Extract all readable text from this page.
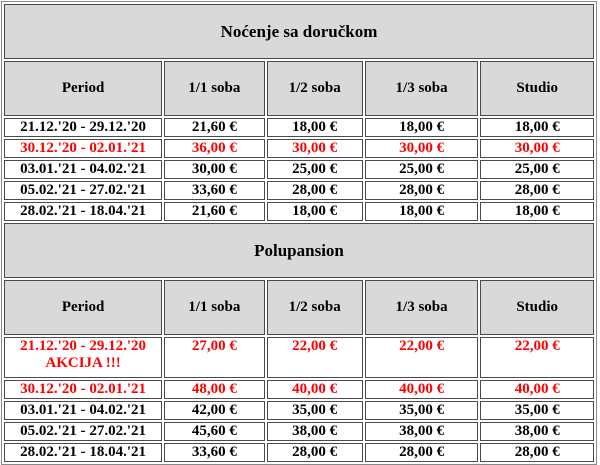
Noćenje sa doručkom				
Period	1/1 soba	1/2 soba	1/3 soba	Studio

21.12.'20 - 29.12.'20	21,60 €	18,00 €	18,00 €	18,00 €

30.12.'20 - 02.01.'21	36,00 €	30,00 €	30,00 €	30,00 €

03.01.'21 - 04.02.'21	30,00 €	25,00 €	25,00 €	25,00 €

05.02.'21 - 27.02.'21	33,60 €	28,00 €	28,00 €	28,00 €

28.02.'21 - 18.04.'21	21,60 €	18,00 €	18,00 €	18,00 €
Polupansion				
Period	1/1 soba	1/2 soba	1/3 soba	Studio

21.12.'20 - 29.12.'20
AKCIJA !!!	27,00 €	22,00 €	22,00 €	22,00 €

30.12.'20 - 02.01.'21	48,00 €	40,00 €	40,00 €	40,00 €

03.01.'21 - 04.02.'21	42,00 €	35,00 €	35,00 €	35,00 €

05.02.'21 - 27.02.'21	45,60 €	38,00 €	38,00 €	38,00 €

28.02.'21 - 18.04.'21	33,60 €	28,00 €	28,00 €	28,00 €
